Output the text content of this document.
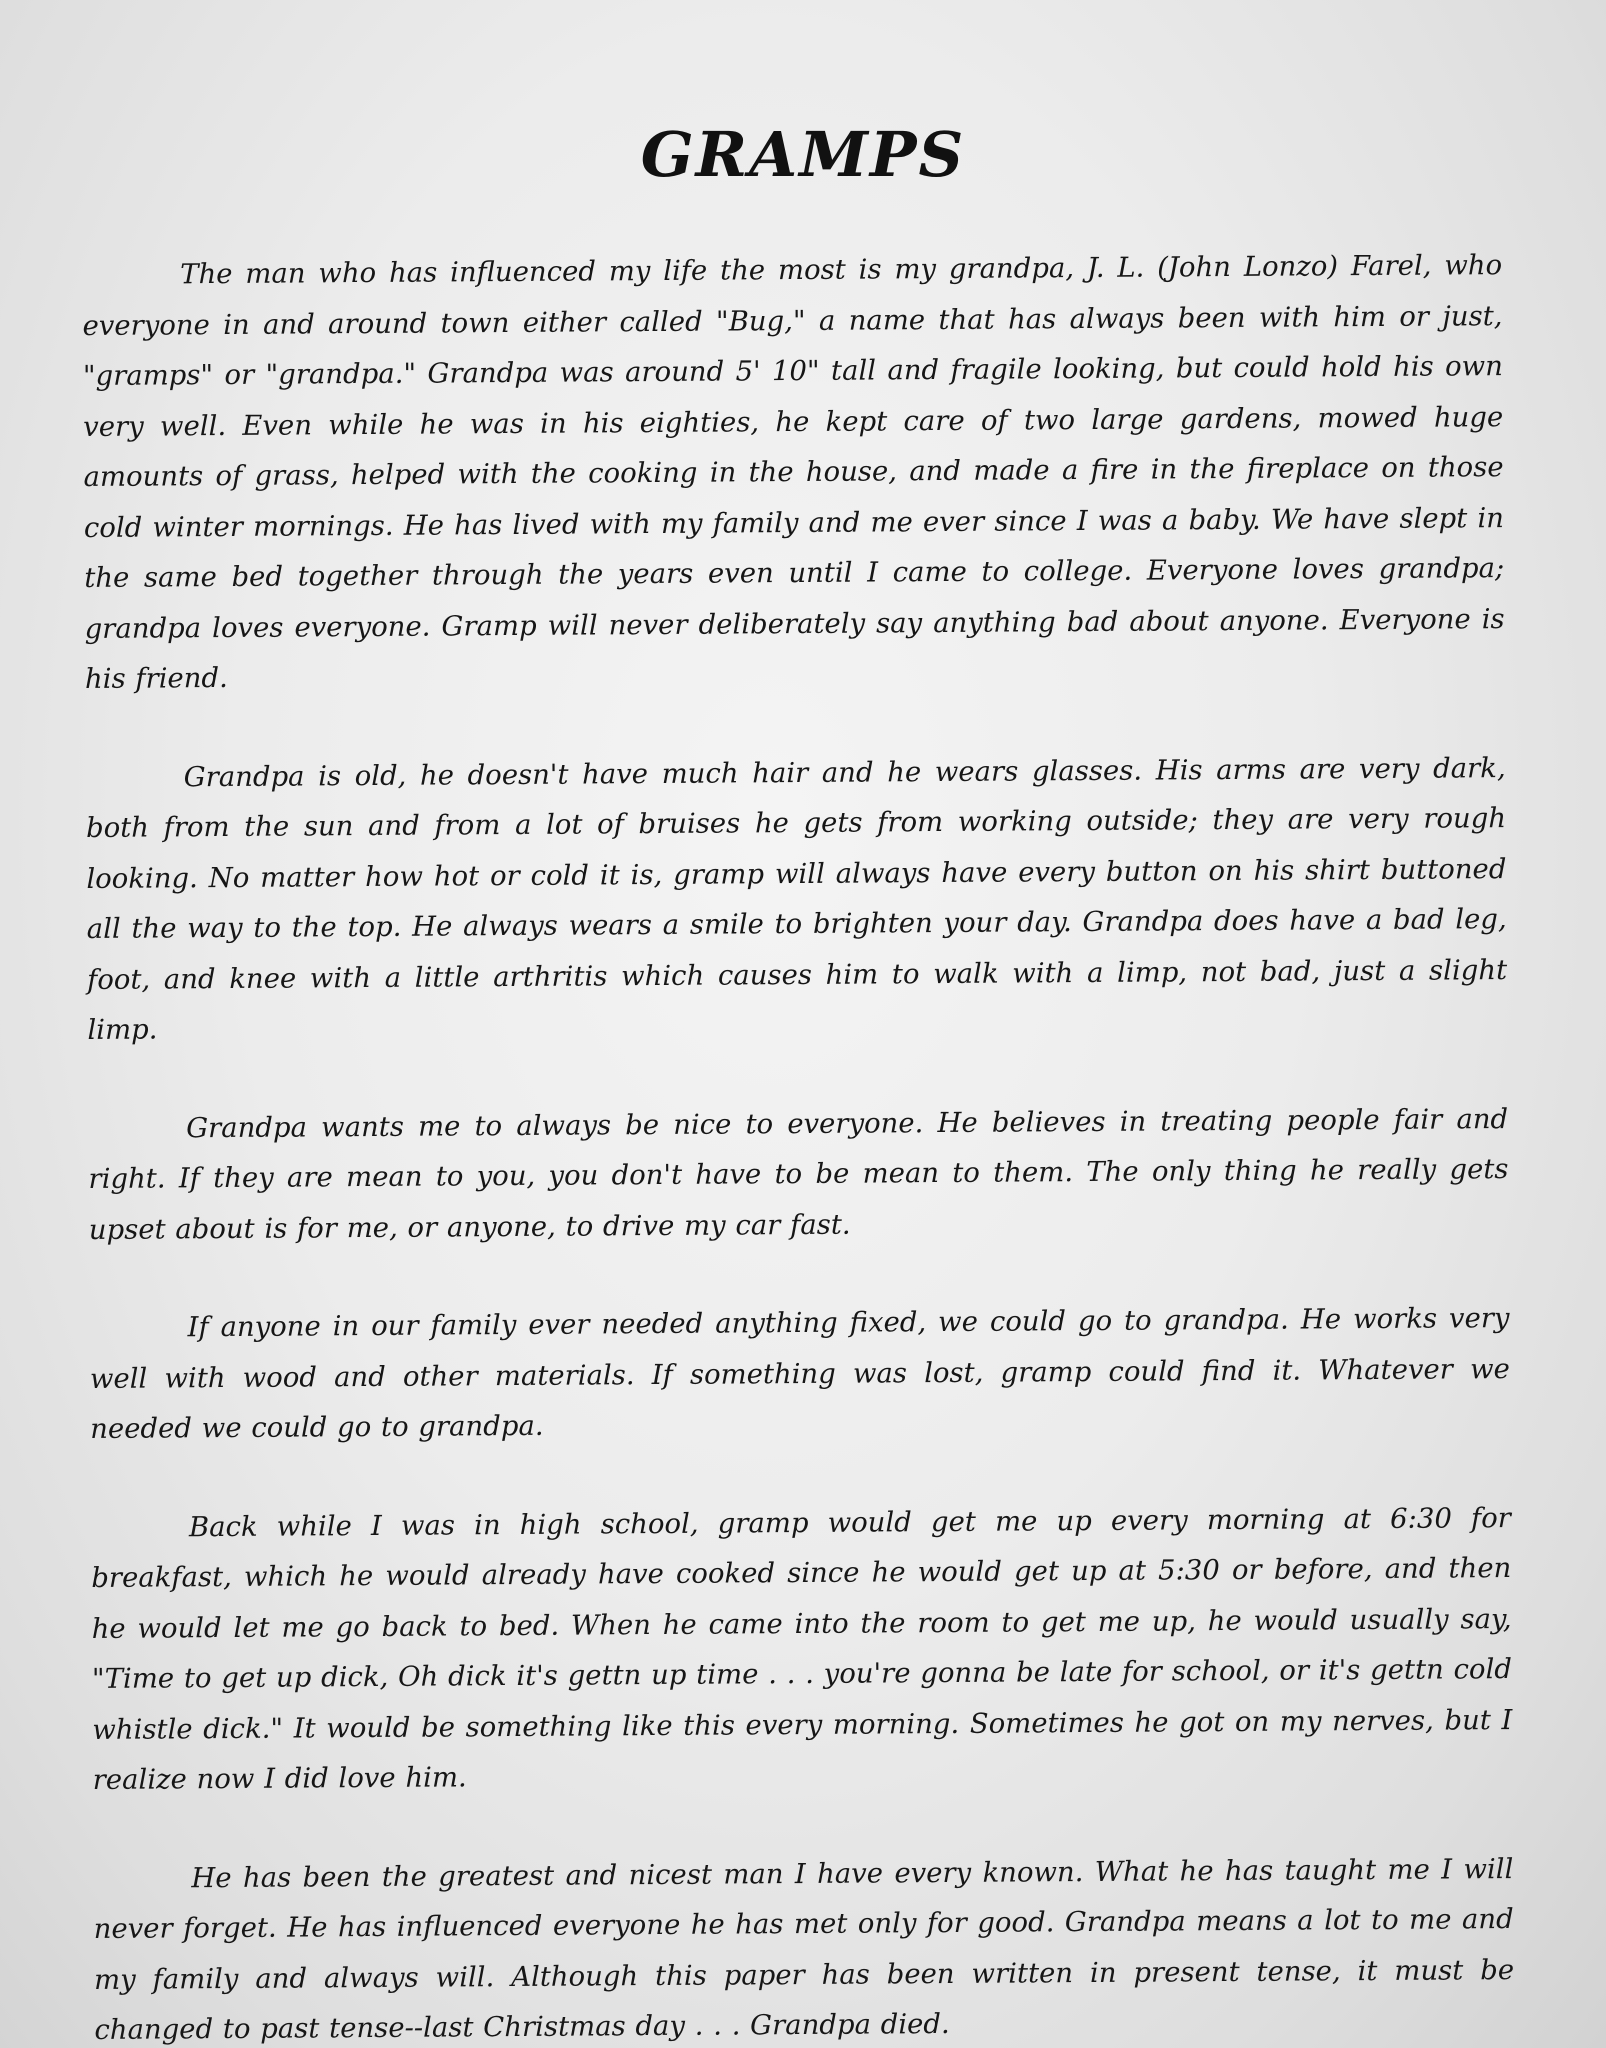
GRAMPS

The man who has influenced my life the most is my grandpa, J. L. (John Lonzo) Farel, who everyone in and around town either called "Bug," a name that has always been with him or just, "gramps" or "grandpa." Grandpa was around 5' 10" tall and fragile looking, but could hold his own very well. Even while he was in his eighties, he kept care of two large gardens, mowed huge amounts of grass, helped with the cooking in the house, and made a fire in the fireplace on those cold winter mornings. He has lived with my family and me ever since I was a baby. We have slept in the same bed together through the years even until I came to college. Everyone loves grandpa; grandpa loves everyone. Gramp will never deliberately say anything bad about anyone. Everyone is his friend.

Grandpa is old, he doesn't have much hair and he wears glasses. His arms are very dark, both from the sun and from a lot of bruises he gets from working outside; they are very rough looking. No matter how hot or cold it is, gramp will always have every button on his shirt buttoned all the way to the top. He always wears a smile to brighten your day. Grandpa does have a bad leg, foot, and knee with a little arthritis which causes him to walk with a limp, not bad, just a slight limp.

Grandpa wants me to always be nice to everyone. He believes in treating people fair and right. If they are mean to you, you don't have to be mean to them. The only thing he really gets upset about is for me, or anyone, to drive my car fast.

If anyone in our family ever needed anything fixed, we could go to grandpa. He works very well with wood and other materials. If something was lost, gramp could find it. Whatever we needed we could go to grandpa.

Back while I was in high school, gramp would get me up every morning at 6:30 for breakfast, which he would already have cooked since he would get up at 5:30 or before, and then he would let me go back to bed. When he came into the room to get me up, he would usually say, "Time to get up dick, Oh dick it's gettn up time . . . you're gonna be late for school, or it's gettn cold whistle dick." It would be something like this every morning. Sometimes he got on my nerves, but I realize now I did love him.

He has been the greatest and nicest man I have every known. What he has taught me I will never forget. He has influenced everyone he has met only for good. Grandpa means a lot to me and my family and always will. Although this paper has been written in present tense, it must be changed to past tense--last Christmas day . . . Grandpa died.
